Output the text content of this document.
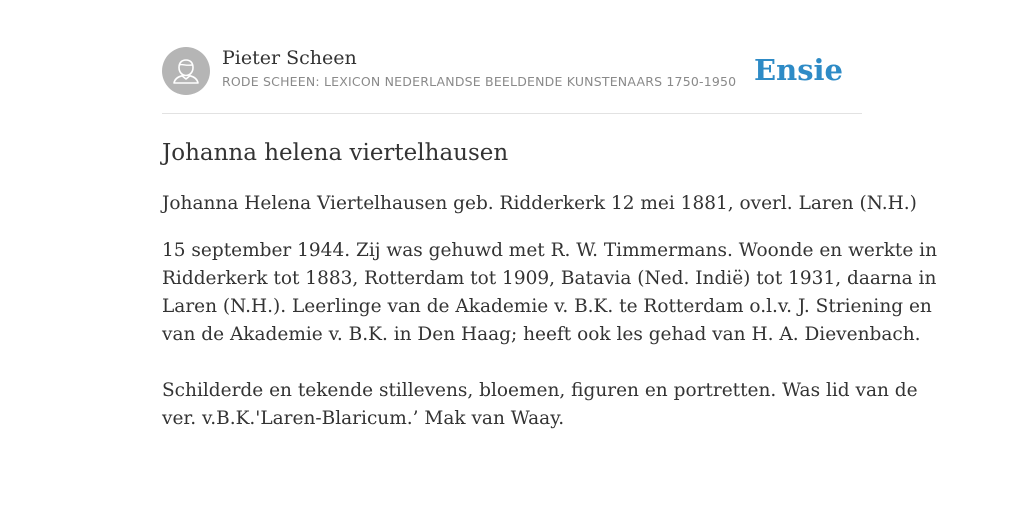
Pieter Scheen
RODE SCHEEN: LEXICON NEDERLANDSE BEELDENDE KUNSTENAARS 1750-1950 Ensie
Johanna helena viertelhausen

Johanna Helena Viertelhausen geb. Ridderkerk 12 mei 1881, overl. Laren (N.H.)

15 september 1944. Zij was gehuwd met R. W. Timmermans. Woonde en werkte in

Ridderkerk tot 1883, Rotterdam tot 1909, Batavia (Ned. Indië) tot 1931, daarna in

Laren (N.H.). Leerlinge van de Akademie v. B.K. te Rotterdam o.l.v. J. Striening en

van de Akademie v. B.K. in Den Haag; heeft ook les gehad van H. A. Dievenbach.

Schilderde en tekende stillevens, bloemen, figuren en portretten. Was lid van de

ver. v.B.K.'Laren-Blaricum.’ Mak van Waay.
